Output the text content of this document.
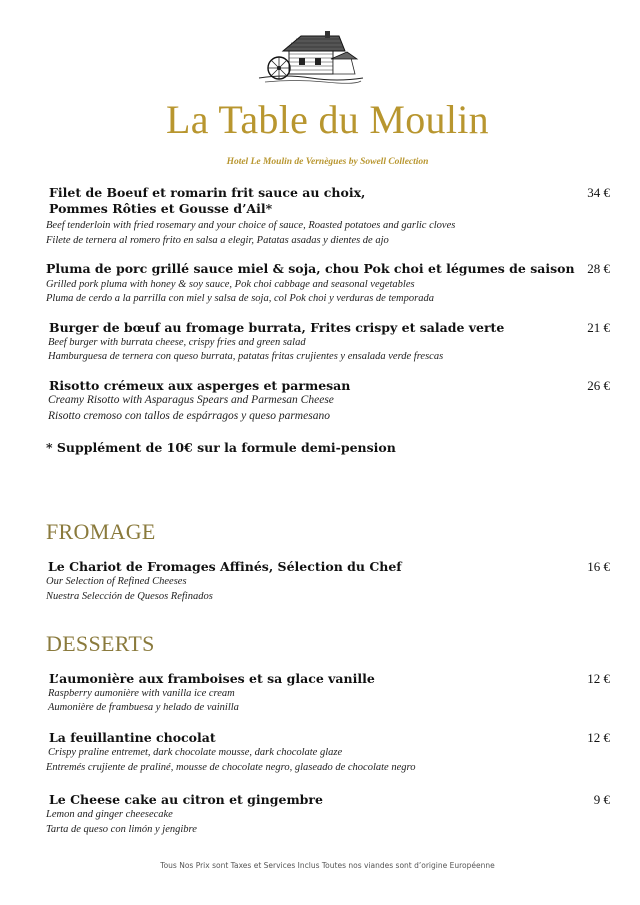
La Table du Moulin
Hotel Le Moulin de Vernègues by Sowell Collection
Filet de Boeuf et romarin frit sauce au choix,
Pommes Rôties et Gousse d’Ail*
34 €
Beef tenderloin with fried rosemary and your choice of sauce, Roasted potatoes and garlic cloves
Filete de ternera al romero frito en salsa a elegir, Patatas asadas y dientes de ajo
Pluma de porc grillé sauce miel & soja, chou Pok choi et légumes de saison 28 €
Grilled pork pluma with honey & soy sauce, Pok choi cabbage and seasonal vegetables
Pluma de cerdo a la parrilla con miel y salsa de soja, col Pok choi y verduras de temporada
Burger de bœuf au fromage burrata, Frites crispy et salade verte	21 €
Beef burger with burrata cheese, crispy fries and green salad
Hamburguesa de ternera con queso burrata, patatas fritas crujientes y ensalada verde frescas
Risotto crémeux aux asperges et parmesan	26 €
Creamy Risotto with Asparagus Spears and Parmesan Cheese
Risotto cremoso con tallos de espárragos y queso parmesano
* Supplément de 10€ sur la formule demi-pension
FROMAGE
Le Chariot de Fromages Affinés, Sélection du Chef	16 €
Our Selection of Refined Cheeses
Nuestra Selección de Quesos Refinados
DESSERTS
L’aumonière aux framboises et sa glace vanille	12 €
Raspberry aumonière with vanilla ice cream
Aumonière de frambuesa y helado de vainilla
La feuillantine chocolat	12 €
Crispy praline entremet, dark chocolate mousse, dark chocolate glaze
Entremés crujiente de praliné, mousse de chocolate negro, glaseado de chocolate negro
Le Cheese cake au citron et gingembre	9 €
Lemon and ginger cheesecake
Tarta de queso con limón y jengibre
Tous Nos Prix sont Taxes et Services Inclus Toutes nos viandes sont d’origine Européenne
